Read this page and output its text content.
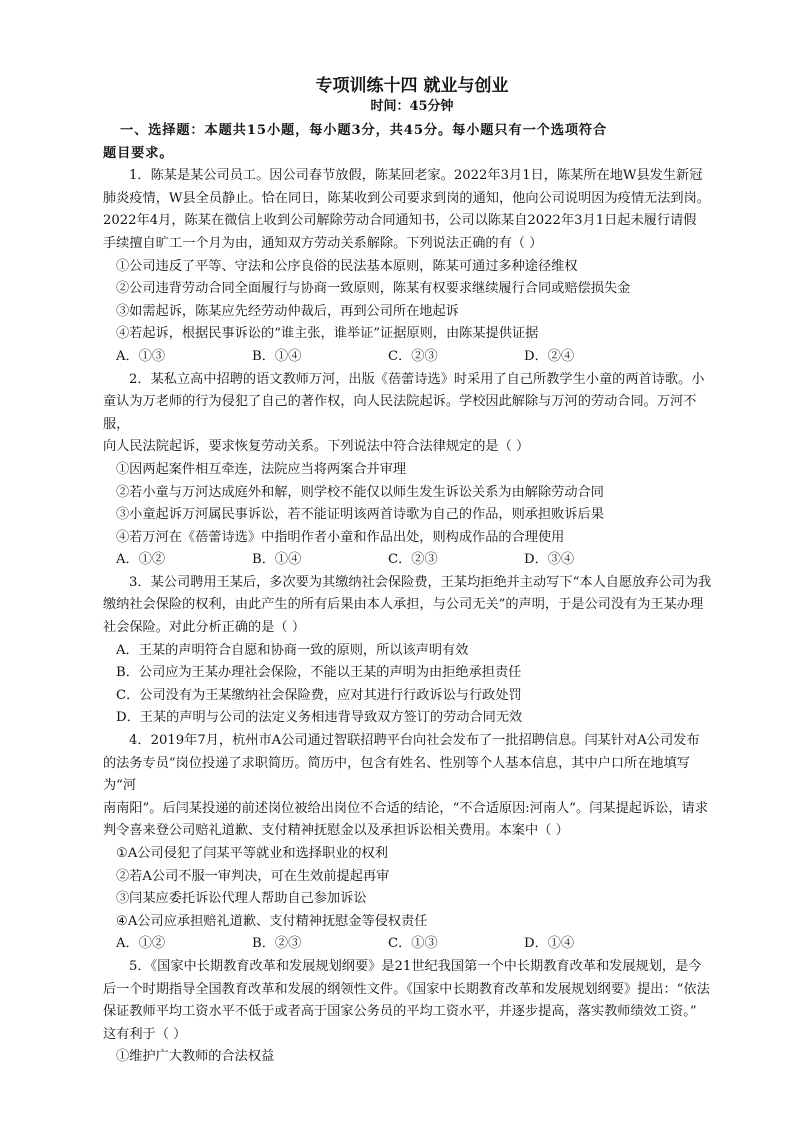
专项训练十四 就业与创业
时间：45分钟
一、选择题：本题共15小题，每小题3分，共45分。每小题只有一个选项符合
题目要求。
1．陈某是某公司员工。因公司春节放假，陈某回老家。2022年3月1日，陈某所在地W县发生新冠
肺炎疫情，W县全员静止。恰在同日，陈某收到公司要求到岗的通知，他向公司说明因为疫情无法到岗。
2022年4月，陈某在微信上收到公司解除劳动合同通知书，公司以陈某自2022年3月1日起未履行请假
手续擅自旷工一个月为由，通知双方劳动关系解除。下列说法正确的有（ ）
①公司违反了平等、守法和公序良俗的民法基本原则，陈某可通过多种途径维权
②公司违背劳动合同全面履行与协商一致原则，陈某有权要求继续履行合同或赔偿损失金
③如需起诉，陈某应先经劳动仲裁后，再到公司所在地起诉
④若起诉，根据民事诉讼的“谁主张，谁举证”证据原则，由陈某提供证据
A．①③	B．①④	C．②③	D．②④
2．某私立高中招聘的语文教师万河，出版《蓓蕾诗选》时采用了自己所教学生小童的两首诗歌。小
童认为万老师的行为侵犯了自己的著作权，向人民法院起诉。学校因此解除与万河的劳动合同。万河不服，
向人民法院起诉，要求恢复劳动关系。下列说法中符合法律规定的是（ ）
①因两起案件相互牵连，法院应当将两案合并审理
②若小童与万河达成庭外和解，则学校不能仅以师生发生诉讼关系为由解除劳动合同
③小童起诉万河属民事诉讼，若不能证明该两首诗歌为自己的作品，则承担败诉后果
④若万河在《蓓蕾诗选》中指明作者小童和作品出处，则构成作品的合理使用
A．①②	B．①④	C．②③	D．③④
3．某公司聘用王某后，多次要为其缴纳社会保险费，王某均拒绝并主动写下“本人自愿放弃公司为我
缴纳社会保险的权利，由此产生的所有后果由本人承担，与公司无关”的声明，于是公司没有为王某办理
社会保险。对此分析正确的是（ ）
A．王某的声明符合自愿和协商一致的原则，所以该声明有效
B．公司应为王某办理社会保险，不能以王某的声明为由拒绝承担责任
C．公司没有为王某缴纳社会保险费，应对其进行行政诉讼与行政处罚
D．王某的声明与公司的法定义务相违背导致双方签订的劳动合同无效
4．2019年7月，杭州市A公司通过智联招聘平台向社会发布了一批招聘信息。闫某针对A公司发布
的法务专员”岗位投递了求职简历。简历中，包含有姓名、性别等个人基本信息，其中户口所在地填写为“河
南南阳”。后闫某投递的前述岗位被给出岗位不合适的结论，“不合适原因:河南人”。闫某提起诉讼，请求
判令喜来登公司赔礼道歉、支付精神抚慰金以及承担诉讼相关费用。本案中（ ）
①A公司侵犯了闫某平等就业和选择职业的权利
②若A公司不服一审判决，可在生效前提起再审
③闫某应委托诉讼代理人帮助自己参加诉讼
④A公司应承担赔礼道歉、支付精神抚慰金等侵权责任
A．①②	B．②③	C．①③	D．①④
5．《国家中长期教育改革和发展规划纲要》是21世纪我国第一个中长期教育改革和发展规划，是今
后一个时期指导全国教育改革和发展的纲领性文件。《国家中长期教育改革和发展规划纲要》提出：“依法
保证教师平均工资水平不低于或者高于国家公务员的平均工资水平，并逐步提高，落实教师绩效工资。”
这有利于（ ）
①维护广大教师的合法权益
